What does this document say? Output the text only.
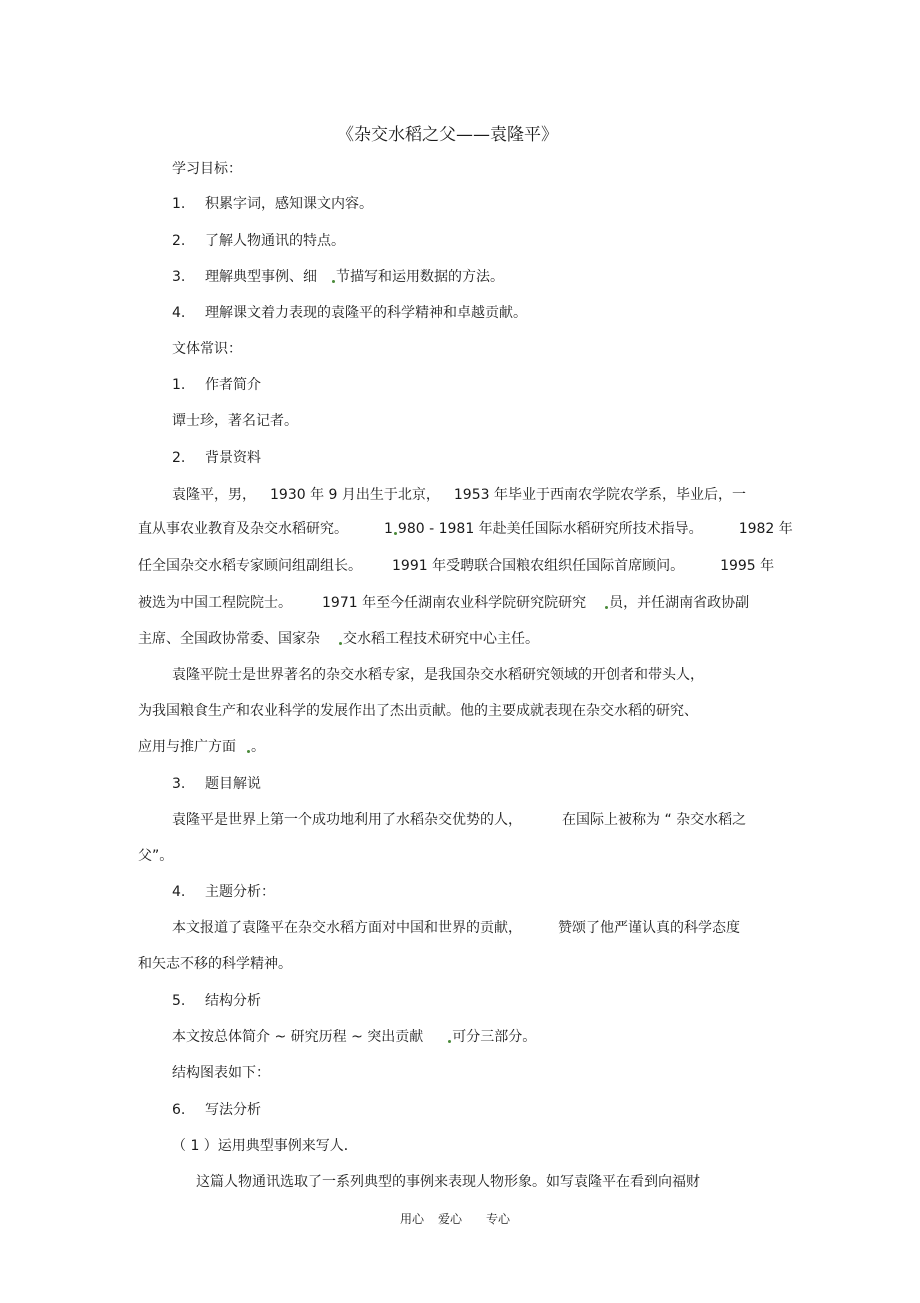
《杂交水稻之父——袁隆平》
学习目标：
1. 积累字词，感知课文内容。
2. 了解人物通讯的特点。
3. 理解典型事例、细 节描写和运用数据的方法。
4. 理解课文着力表现的袁隆平的科学精神和卓越贡献。
文体常识：
1. 作者简介
谭士珍，著名记者。
2. 背景资料
袁隆平，男， 1930 年 9 月出生于北京， 1953 年毕业于西南农学院农学系，毕业后，一
直从事农业教育及杂交水稻研究。	1 980 - 1981 年赴美任国际水稻研究所技术指导。	1982 年
任全国杂交水稻专家顾问组副组长。 1991 年受聘联合国粮农组织任国际首席顾问。	1995 年
被选为中国工程院院士。 1971 年至今任湖南农业科学院研究院研究 员，并任湖南省政协副
主席、全国政协常委、国家杂 交水稻工程技术研究中心主任。
袁隆平院士是世界著名的杂交水稻专家，是我国杂交水稻研究领域的开创者和带头人，
为我国粮食生产和农业科学的发展作出了杰出贡献。他的主要成就表现在杂交水稻的研究、
应用与推广方面 。
3. 题目解说
袁隆平是世界上第一个成功地利用了水稻杂交优势的人，	在国际上被称为 “ 杂交水稻之
父”。
4. 主题分析：
本文报道了袁隆平在杂交水稻方面对中国和世界的贡献，	赞颂了他严谨认真的科学态度
和矢志不移的科学精神。
5. 结构分析
本文按总体简介 ~ 研究历程 ~ 突出贡献 可分三部分。
结构图表如下：
6. 写法分析
（ 1 ）运用典型事例来写人．
这篇人物通讯选取了一系列典型的事例来表现人物形象。如写袁隆平在看到向福财
用心 爱心 专心
